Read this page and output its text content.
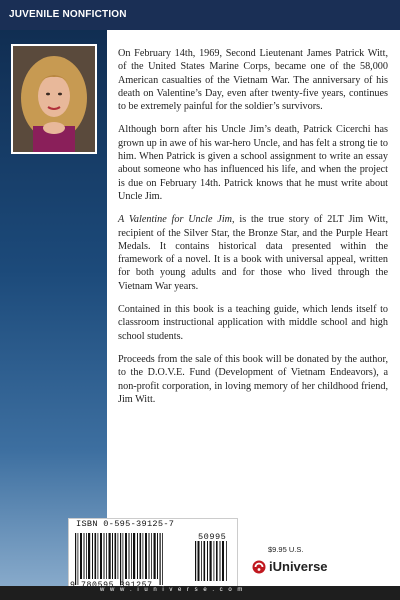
JUVENILE NONFICTION

On February 14th, 1969, Second Lieutenant James Patrick Witt, of the United States Marine Corps, became one of the 58,000 American casualties of the Vietnam War. The anniversary of his death on Valentine’s Day, even after twenty-five years, continues to be extremely painful for the soldier’s survivors.

Although born after his Uncle Jim’s death, Patrick Cicerchi has grown up in awe of his war-hero Uncle, and has felt a strong tie to him. When Patrick is given a school assignment to write an essay about someone who has influenced his life, and when the project is due on February 14th. Patrick knows that he must write about Uncle Jim.

A Valentine for Uncle Jim, is the true story of 2LT Jim Witt, recipient of the Silver Star, the Bronze Star, and the Purple Heart Medals. It contains historical data presented within the framework of a novel. It is a book with universal appeal, written for both young adults and for those who lived through the Vietnam War years.

Contained in this book is a teaching guide, which lends itself to classroom instructional application with middle school and high school students.

Proceeds from the sale of this book will be donated by the author, to the D.O.V.E. Fund (Development of Vietnam Endeavors), a non-profit corporation, in loving memory of her childhood friend, Jim Witt.

ISBN 0-595-39125-7
50995
$9.95 U.S.
iUniverse
w w w . i u n i v e r s e . c o m
